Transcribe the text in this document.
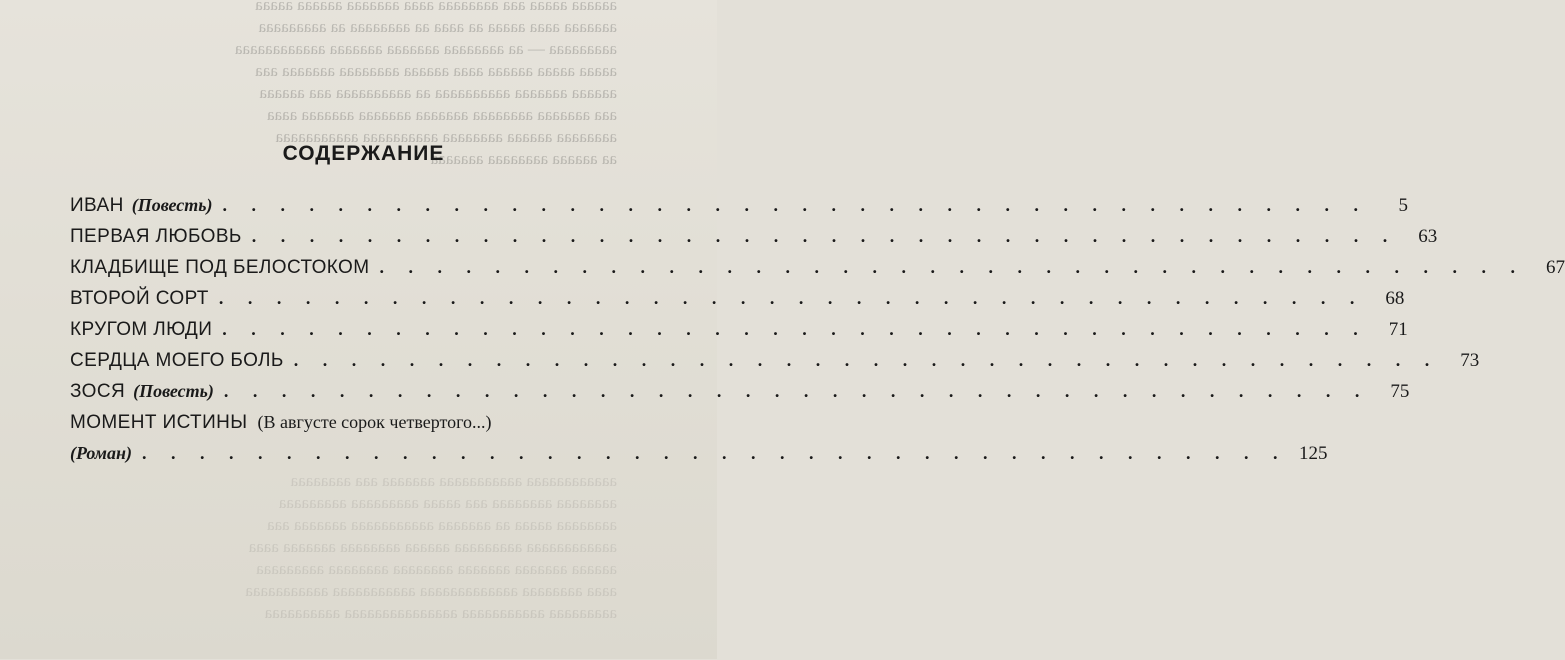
аааааа ааааа ааа аааааааа аааа ааааааа аааааа ааааа
ааааааа аааа ааааа аа аааа аа аааааааа аа ааааааааа
ааааааааа — аа аааааааа ааааааа ааааааа аааааааааааа
ааааа ааааа аааааа аааа аааааа аааааааа ааааааа ааа
аааааа ааааааа аааааааааа аа аааааааааа ааа аааааа
ааа ааааааа аааааааа ааааааа ааааааа ааааааа аааа
аааааааа аааааа аааааааа аааааааааа ааааааааааа
аа аааааа аааааааа ааааааа
аааааааааааа ааааааааааа ааааааа ааа аааааааа
аааааааа аааааааа ааа ааааа ааааааааа ааааааааа
аааааааа ааааа аа ааааааа ааааааааааа ааааааа ааа
аааааааааааа ааааааааа аааааа аааааааа ааааааа аааа
аааааа ааааааа ааааааа аааааааа аааааааа ааааааааа
аааа аааааааа ааааааааааааа ааааааааааа ааааааааааа
ааааааааа ааааааааааа ааааааааааааааа аааааааааа
СОДЕРЖАНИЕ
ИВАН (Повесть) . . . . . . . . . . . . . . . . . . . . . . . . . . . . . . . . . . . . . . . .	5
ПЕРВАЯ ЛЮБОВЬ . . . . . . . . . . . . . . . . . . . . . . . . . . . . . . . . . . . . . . . .	63
КЛАДБИЩЕ ПОД БЕЛОСТОКОМ . . . . . . . . . . . . . . . . . . . . . . . . . . . . . . . . . . . . . . . .	67
ВТОРОЙ СОРТ . . . . . . . . . . . . . . . . . . . . . . . . . . . . . . . . . . . . . . . .	68
КРУГОМ ЛЮДИ . . . . . . . . . . . . . . . . . . . . . . . . . . . . . . . . . . . . . . . .	71
СЕРДЦА МОЕГО БОЛЬ . . . . . . . . . . . . . . . . . . . . . . . . . . . . . . . . . . . . . . . .	73
ЗОСЯ (Повесть) . . . . . . . . . . . . . . . . . . . . . . . . . . . . . . . . . . . . . . . .	75
МОМЕНТ ИСТИНЫ (В августе сорок четвертого...)
(Роман) . . . . . . . . . . . . . . . . . . . . . . . . . . . . . . . . . . . . . . . . 125
